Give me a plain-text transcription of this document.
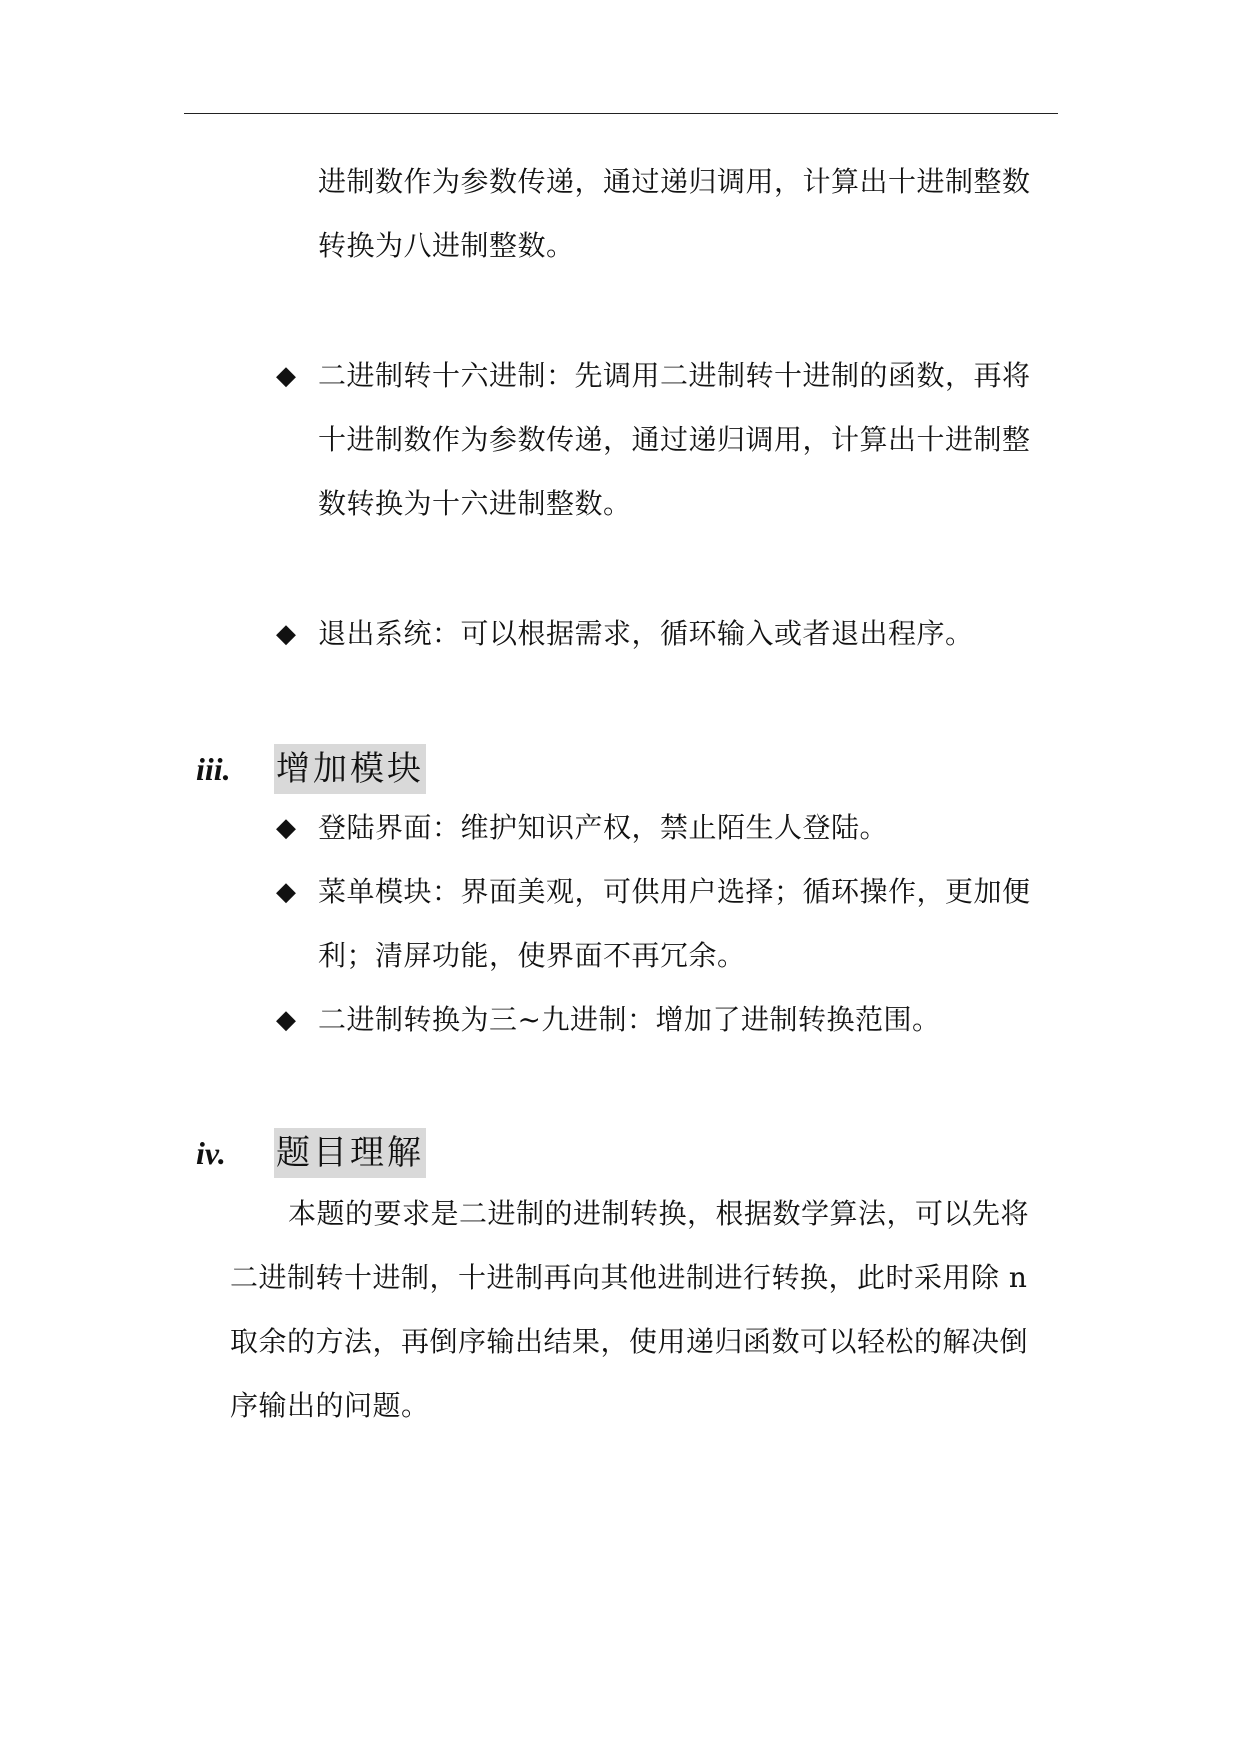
进制数作为参数传递，通过递归调用，计算出十进制整数
转换为八进制整数。
◆ 二进制转十六进制：先调用二进制转十进制的函数，再将
十进制数作为参数传递，通过递归调用，计算出十进制整
数转换为十六进制整数。
◆ 退出系统：可以根据需求，循环输入或者退出程序。
iii. 增加模块
◆ 登陆界面：维护知识产权，禁止陌生人登陆。
◆ 菜单模块：界面美观，可供用户选择；循环操作，更加便
利；清屏功能，使界面不再冗余。
◆ 二进制转换为三~九进制：增加了进制转换范围。
iv. 题目理解
本题的要求是二进制的进制转换，根据数学算法，可以先将
二进制转十进制，十进制再向其他进制进行转换，此时采用除 n
取余的方法，再倒序输出结果，使用递归函数可以轻松的解决倒
序输出的问题。
